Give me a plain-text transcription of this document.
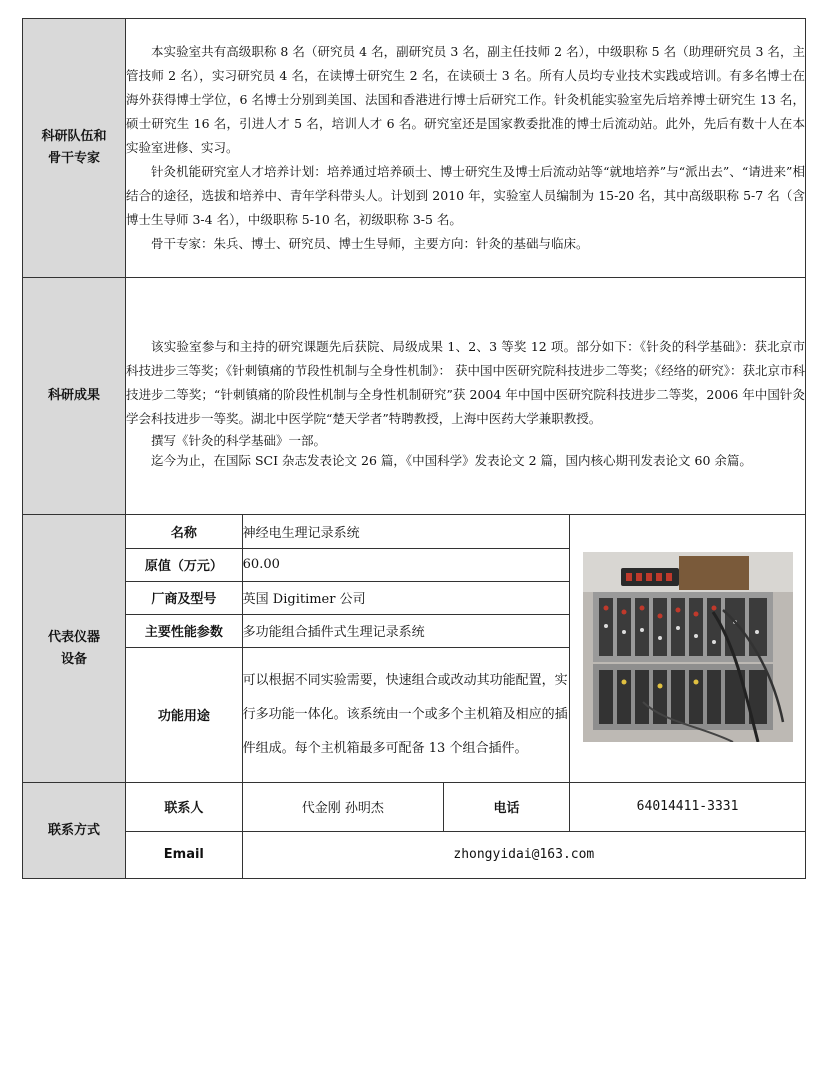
科研队伍和
骨干专家

本实验室共有高级职称 8 名（研究员 4 名，副研究员 3 名，副主任技师 2 名），中级职称 5 名（助理研究员 3 名，主管技师 2 名），实习研究员 4 名，在读博士研究生 2 名，在读硕士 3 名。所有人员均专业技术实践或培训。有多名博士在海外获得博士学位，6 名博士分别到美国、法国和香港进行博士后研究工作。针灸机能实验室先后培养博士研究生 13 名，硕士研究生 16 名，引进人才 5 名，培训人才 6 名。研究室还是国家教委批准的博士后流动站。此外，先后有数十人在本实验室进修、实习。

针灸机能研究室人才培养计划：培养通过培养硕士、博士研究生及博士后流动站等“就地培养”与“派出去”、“请进来”相结合的途径，选拔和培养中、青年学科带头人。计划到 2010 年，实验室人员编制为 15-20 名，其中高级职称 5-7 名（含博士生导师 3-4 名），中级职称 5-10 名，初级职称 3-5 名。

骨干专家：朱兵、博士、研究员、博士生导师，主要方向：针灸的基础与临床。

科研成果

该实验室参与和主持的研究课题先后获院、局级成果 1、2、3 等奖 12 项。部分如下：《针灸的科学基础》：获北京市科技进步三等奖；《针刺镇痛的节段性机制与全身性机制》： 获中国中医研究院科技进步二等奖；《经络的研究》：获北京市科技进步二等奖；“针刺镇痛的阶段性机制与全身性机制研究”获 2004 年中国中医研究院科技进步二等奖，2006 年中国针灸学会科技进步一等奖。湖北中医学院“楚天学者”特聘教授，上海中医药大学兼职教授。

撰写《针灸的科学基础》一部。

迄今为止，在国际 SCI 杂志发表论文 26 篇，《中国科学》发表论文 2 篇，国内核心期刊发表论文 60 余篇。

代表仪器
设备

名称	神经电生理记录系统	
原值（万元）	60.00
厂商及型号	英国 Digitimer 公司
主要性能参数	多功能组合插件式生理记录系统
功能用途	可以根据不同实验需要，快速组合或改动其功能配置，实行多功能一体化。该系统由一个或多个主机箱及相应的插件组成。每个主机箱最多可配备 13 个组合插件。

联系方式

联系人	代金刚 孙明杰	电话	64014411-3331
Email	zhongyidai@163.com
